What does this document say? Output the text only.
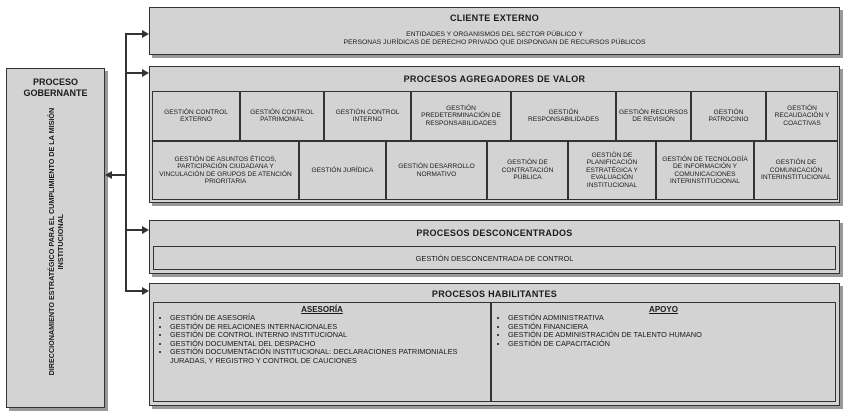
PROCESO GOBERNANTE
DIRECCIONAMIENTO ESTRATÉGICO PARA EL CUMPLIMIENTO DE LA MISIÓN INSTITUCIONAL
CLIENTE EXTERNO
ENTIDADES Y ORGANISMOS DEL SECTOR PÚBLICO Y
PERSONAS JURÍDICAS DE DERECHO PRIVADO QUE DISPONGAN DE RECURSOS PÚBLICOS
PROCESOS AGREGADORES DE VALOR
GESTIÓN CONTROL EXTERNO
GESTIÓN CONTROL PATRIMONIAL
GESTIÓN CONTROL INTERNO
GESTIÓN PREDETERMINACIÓN DE RESPONSABILIDADES
GESTIÓN RESPONSABILIDADES
GESTIÓN RECURSOS DE REVISIÓN
GESTIÓN PATROCINIO
GESTIÓN RECAUDACIÓN Y COACTIVAS
GESTIÓN DE ASUNTOS ÉTICOS, PARTICIPACIÓN CIUDADANA Y VINCULACIÓN DE GRUPOS DE ATENCIÓN PRIORITARIA
GESTIÓN JURÍDICA
GESTIÓN DESARROLLO NORMATIVO
GESTIÓN DE CONTRATACIÓN PÚBLICA
GESTIÓN DE PLANIFICACIÓN ESTRATÉGICA Y EVALUACIÓN INSTITUCIONAL
GESTIÓN DE TECNOLOGÍA DE INFORMACIÓN Y COMUNICACIONES INTERINSTITUCIONAL
GESTIÓN DE COMUNICACIÓN INTERINSTITUCIONAL
PROCESOS DESCONCENTRADOS
GESTIÓN DESCONCENTRADA DE CONTROL
PROCESOS HABILITANTES
ASESORÍA
• GESTIÓN DE ASESORÍA
• GESTIÓN DE RELACIONES INTERNACIONALES
• GESTIÓN DE CONTROL INTERNO INSTITUCIONAL
• GESTIÓN DOCUMENTAL DEL DESPACHO
• GESTIÓN DOCUMENTACIÓN INSTITUCIONAL: DECLARACIONES PATRIMONIALES JURADAS, Y REGISTRO Y CONTROL DE CAUCIONES
APOYO
• GESTIÓN ADMINISTRATIVA
• GESTIÓN FINANCIERA
• GESTIÓN DE ADMINISTRACIÓN DE TALENTO HUMANO
• GESTIÓN DE CAPACITACIÓN
